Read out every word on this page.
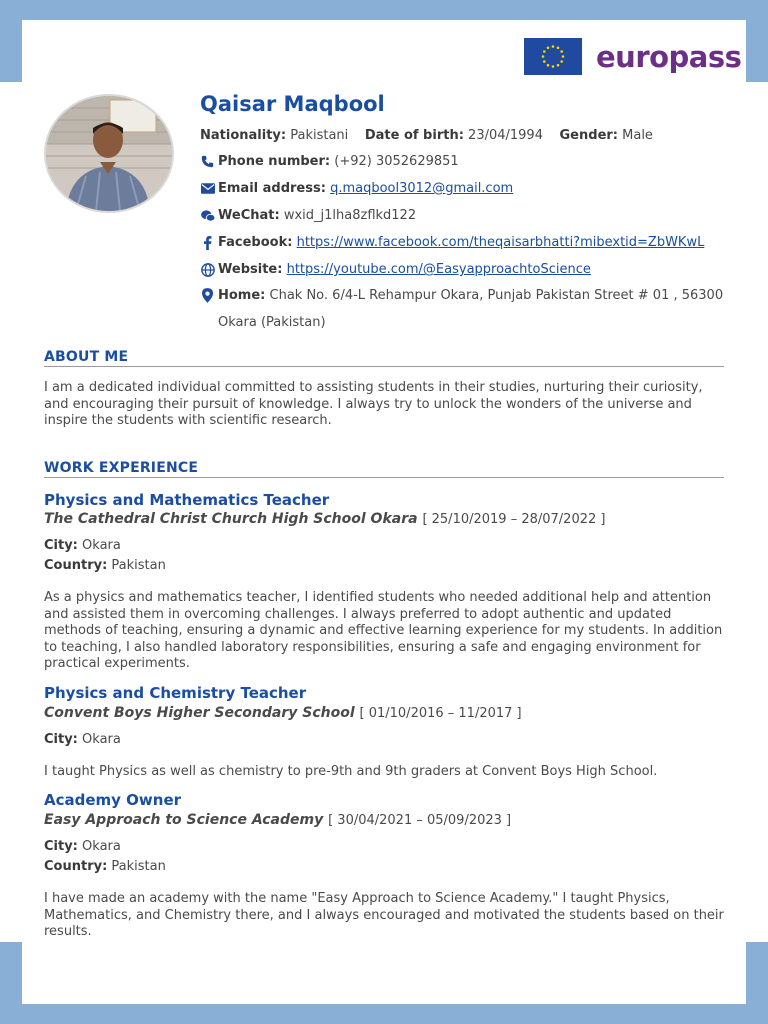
europass
Qaisar Maqbool
Nationality: Pakistani Date of birth: 23/04/1994 Gender: Male
Phone number: (+92) 3052629851
Email address: q.maqbool3012@gmail.com
WeChat: wxid_j1lha8zflkd122
Facebook: https://www.facebook.com/theqaisarbhatti?mibextid=ZbWKwL
Website: https://youtube.com/@EasyapproachtoScience
Home: Chak No. 6/4-L Rehampur Okara, Punjab Pakistan Street # 01 , 56300
Okara (Pakistan)
ABOUT ME
I am a dedicated individual committed to assisting students in their studies, nurturing their curiosity, and encouraging their pursuit of knowledge. I always try to unlock the wonders of the universe and inspire the students with scientific research.
WORK EXPERIENCE
Physics and Mathematics Teacher
The Cathedral Christ Church High School Okara [ 25/10/2019 – 28/07/2022 ]
City: Okara
Country: Pakistan
As a physics and mathematics teacher, I identified students who needed additional help and attention and assisted them in overcoming challenges. I always preferred to adopt authentic and updated methods of teaching, ensuring a dynamic and effective learning experience for my students. In addition to teaching, I also handled laboratory responsibilities, ensuring a safe and engaging environment for practical experiments.
Physics and Chemistry Teacher
Convent Boys Higher Secondary School [ 01/10/2016 – 11/2017 ]
City: Okara
I taught Physics as well as chemistry to pre-9th and 9th graders at Convent Boys High School.
Academy Owner
Easy Approach to Science Academy [ 30/04/2021 – 05/09/2023 ]
City: Okara
Country: Pakistan
I have made an academy with the name "Easy Approach to Science Academy." I taught Physics, Mathematics, and Chemistry there, and I always encouraged and motivated the students based on their results.
